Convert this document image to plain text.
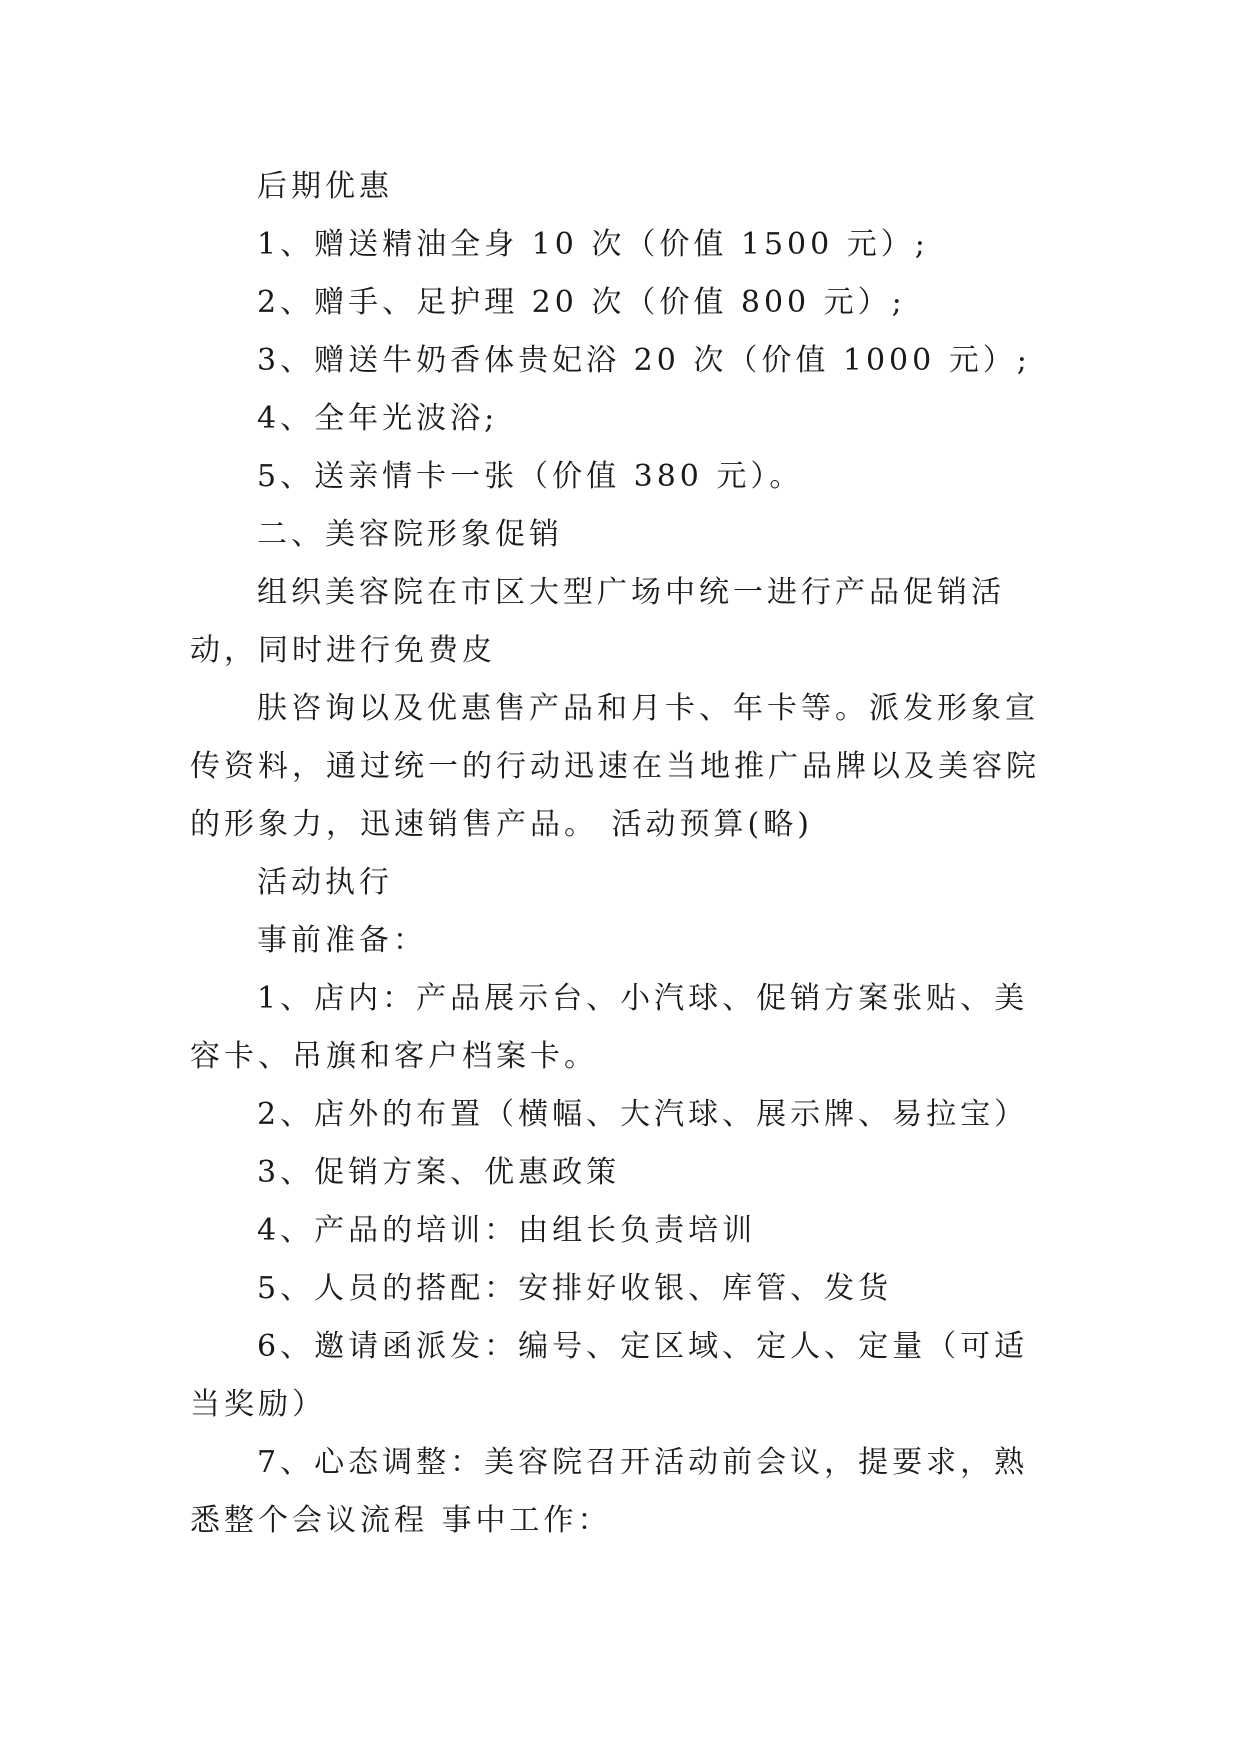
后期优惠

1、赠送精油全身 10 次（价值 1500 元）;

2、赠手、足护理 20 次（价值 800 元）;

3、赠送牛奶香体贵妃浴 20 次（价值 1000 元）;

4、全年光波浴;

5、送亲情卡一张（价值 380 元）。

二、美容院形象促销

组织美容院在市区大型广场中统一进行产品促销活动，同时进行免费皮

肤咨询以及优惠售产品和月卡、年卡等。派发形象宣传资料，通过统一的行动迅速在当地推广品牌以及美容院的形象力，迅速销售产品。 活动预算(略)

活动执行

事前准备：

1、店内：产品展示台、小汽球、促销方案张贴、美容卡、吊旗和客户档案卡。

2、店外的布置（横幅、大汽球、展示牌、易拉宝）

3、促销方案、优惠政策

4、产品的培训：由组长负责培训

5、人员的搭配：安排好收银、库管、发货

6、邀请函派发：编号、定区域、定人、定量（可适当奖励）

7、心态调整：美容院召开活动前会议，提要求，熟悉整个会议流程 事中工作：
